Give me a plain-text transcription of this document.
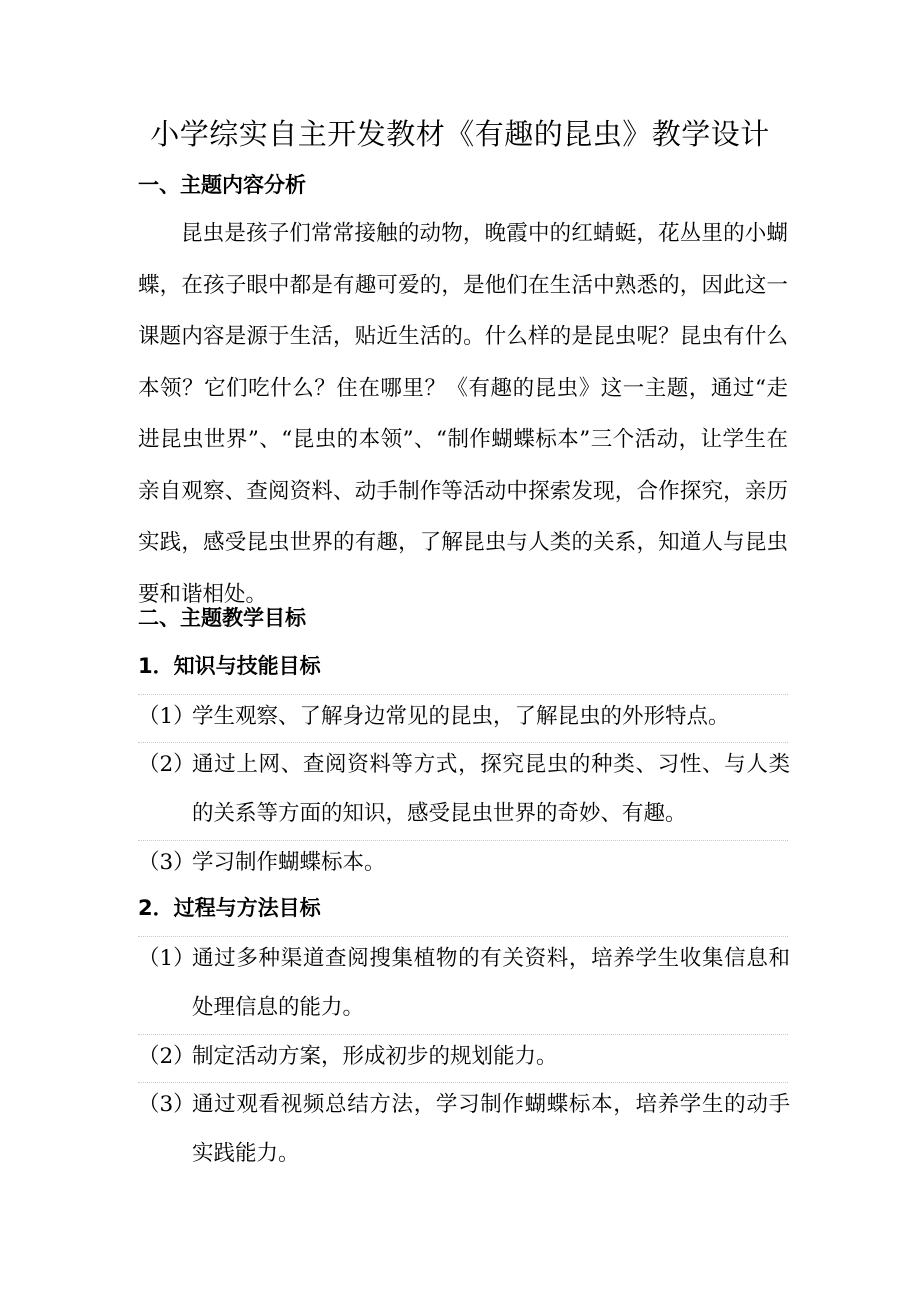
小学综实自主开发教材《有趣的昆虫》教学设计
一、主题内容分析

昆虫是孩子们常常接触的动物，晚霞中的红蜻蜓，花丛里的小蝴蝶，在孩子眼中都是有趣可爱的，是他们在生活中熟悉的，因此这一课题内容是源于生活，贴近生活的。什么样的是昆虫呢？昆虫有什么本领？它们吃什么？住在哪里？《有趣的昆虫》这一主题，通过“走进昆虫世界”、“昆虫的本领”、“制作蝴蝶标本”三个活动，让学生在亲自观察、查阅资料、动手制作等活动中探索发现，合作探究，亲历实践，感受昆虫世界的有趣，了解昆虫与人类的关系，知道人与昆虫要和谐相处。

二、主题教学目标
1．知识与技能目标
（1）
学生观察、了解身边常见的昆虫，了解昆虫的外形特点。
（2）
通过上网、查阅资料等方式，探究昆虫的种类、习性、与人类的关系等方面的知识，感受昆虫世界的奇妙、有趣。
（3）
学习制作蝴蝶标本。
2．过程与方法目标
（1）
通过多种渠道查阅搜集植物的有关资料，培养学生收集信息和处理信息的能力。
（2）
制定活动方案，形成初步的规划能力。
（3）
通过观看视频总结方法，学习制作蝴蝶标本，培养学生的动手实践能力。
